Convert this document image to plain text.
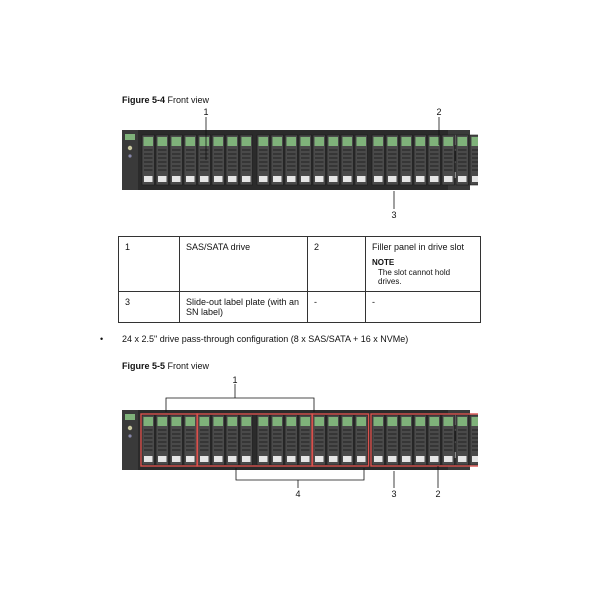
Figure 5-4 Front view
1	2
3
1	SAS/SATA drive	2	Filler panel in drive slot
NOTE
The slot cannot hold drives.

3	Slide-out label plate (with an SN label)	-	-
• 24 x 2.5" drive pass-through configuration (8 x SAS/SATA + 16 x NVMe)
Figure 5-5 Front view
1
4	3	2
